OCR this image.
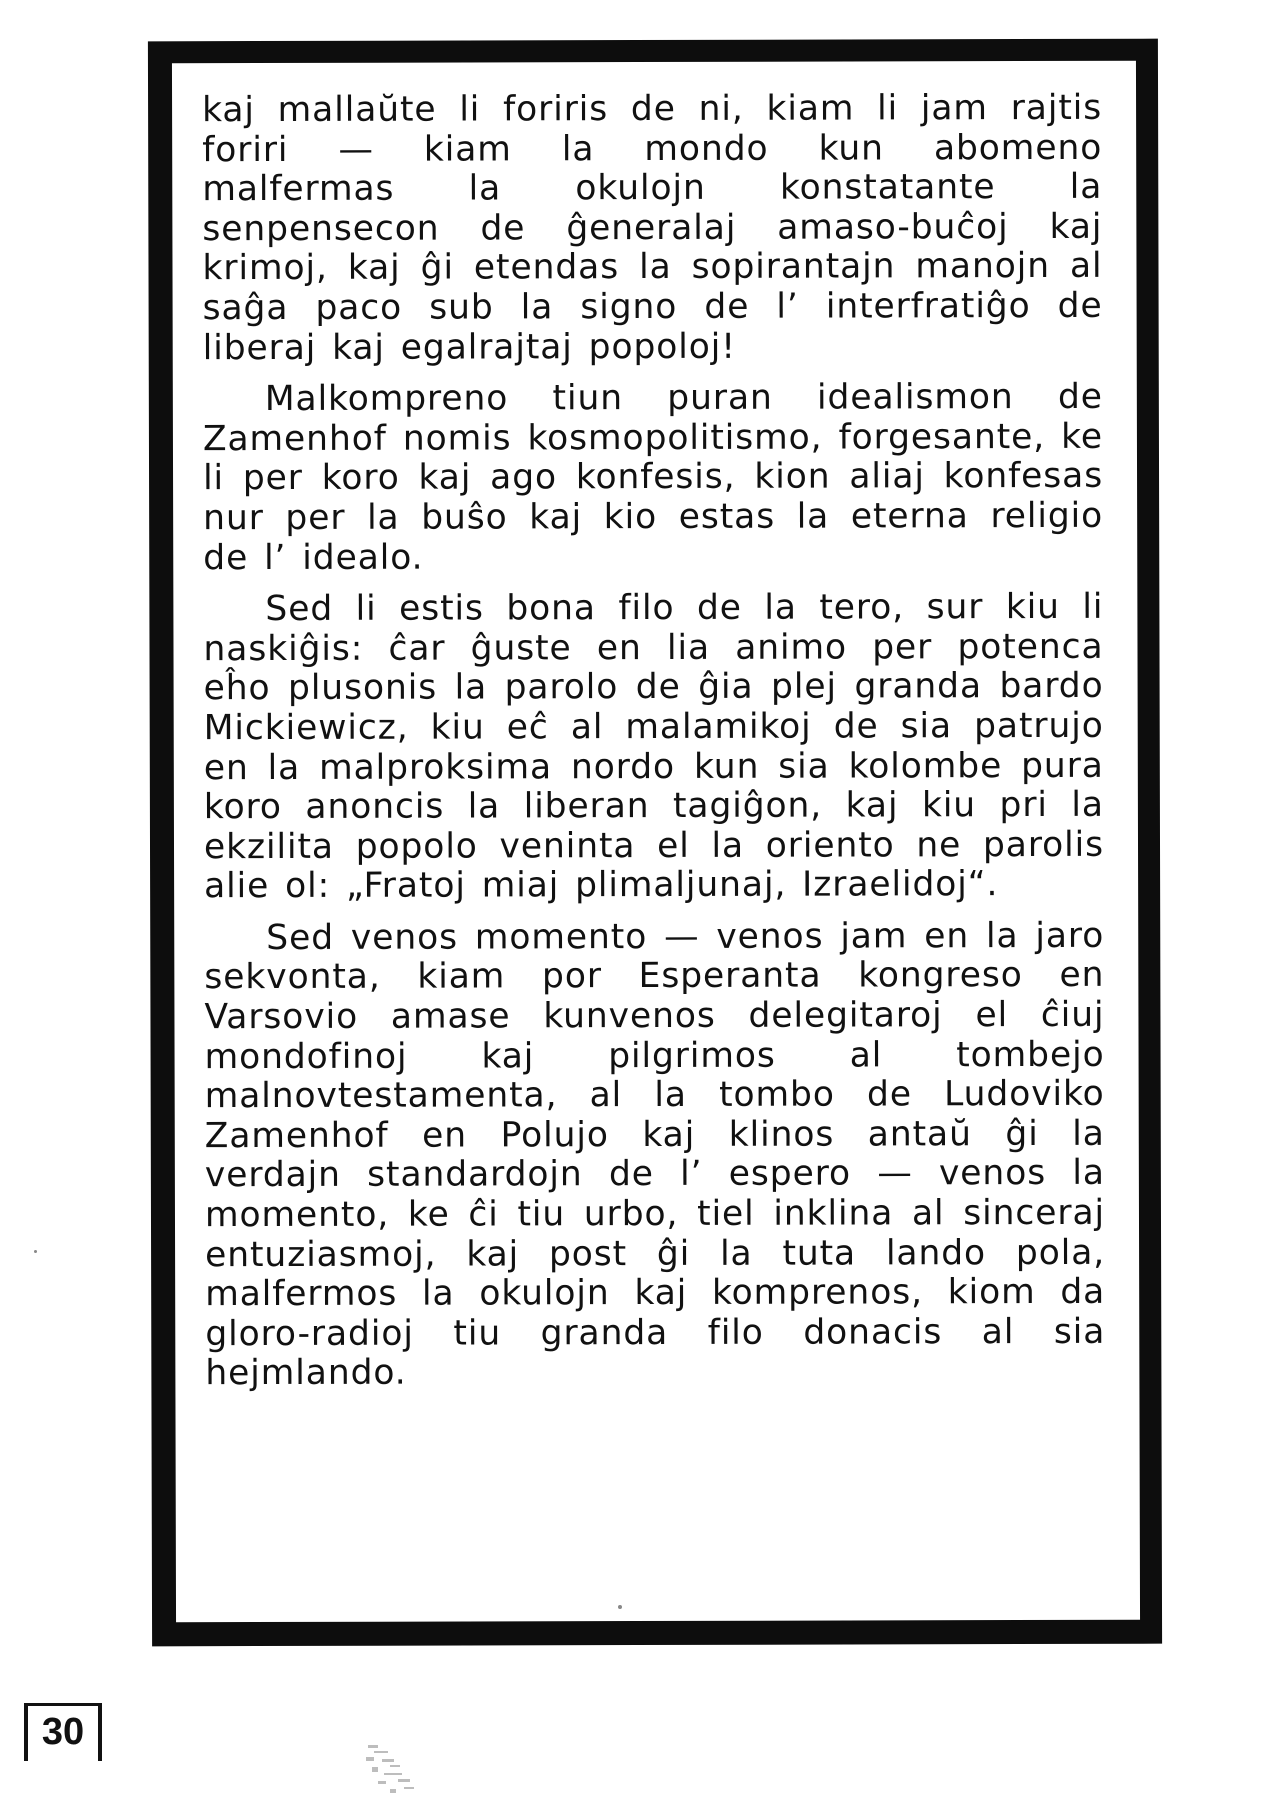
kaj mallaŭte li foriris de ni, kiam li jam rajtis foriri — kiam la mondo kun abomeno malfermas la okulojn konstatante la senpensecon de ĝeneralaj amaso-buĉoj kaj krimoj, kaj ĝi etendas la sopirantajn manojn al saĝa paco sub la signo de l’ interfratiĝo de liberaj kaj egalrajtaj popoloj!

Malkompreno tiun puran idealismon de Zamenhof nomis kosmopolitismo, forgesante, ke li per koro kaj ago konfesis, kion aliaj konfesas nur per la buŝo kaj kio estas la eterna religio de l’ idealo.

Sed li estis bona filo de la tero, sur kiu li naskiĝis: ĉar ĝuste en lia animo per potenca eĥo plusonis la parolo de ĝia plej granda bardo Mickiewicz, kiu eĉ al malamikoj de sia patrujo en la malproksima nordo kun sia kolombe pura koro anoncis la liberan tagiĝon, kaj kiu pri la ekzilita popolo veninta el la oriento ne parolis alie ol: „Fratoj miaj plimaljunaj, Izraelidoj“.

Sed venos momento — venos jam en la jaro sekvonta, kiam por Esperanta kongreso en Varsovio amase kunvenos delegitaroj el ĉiuj mondofinoj kaj pilgrimos al tombejo malnovtestamenta, al la tombo de Ludoviko Zamenhof en Polujo kaj klinos antaŭ ĝi la verdajn standardojn de l’ espero — venos la momento, ke ĉi tiu urbo, tiel inklina al sinceraj entuziasmoj, kaj post ĝi la tuta lando pola, malfermos la okulojn kaj komprenos, kiom da gloro-radioj tiu granda filo donacis al sia hejmlando.

30
